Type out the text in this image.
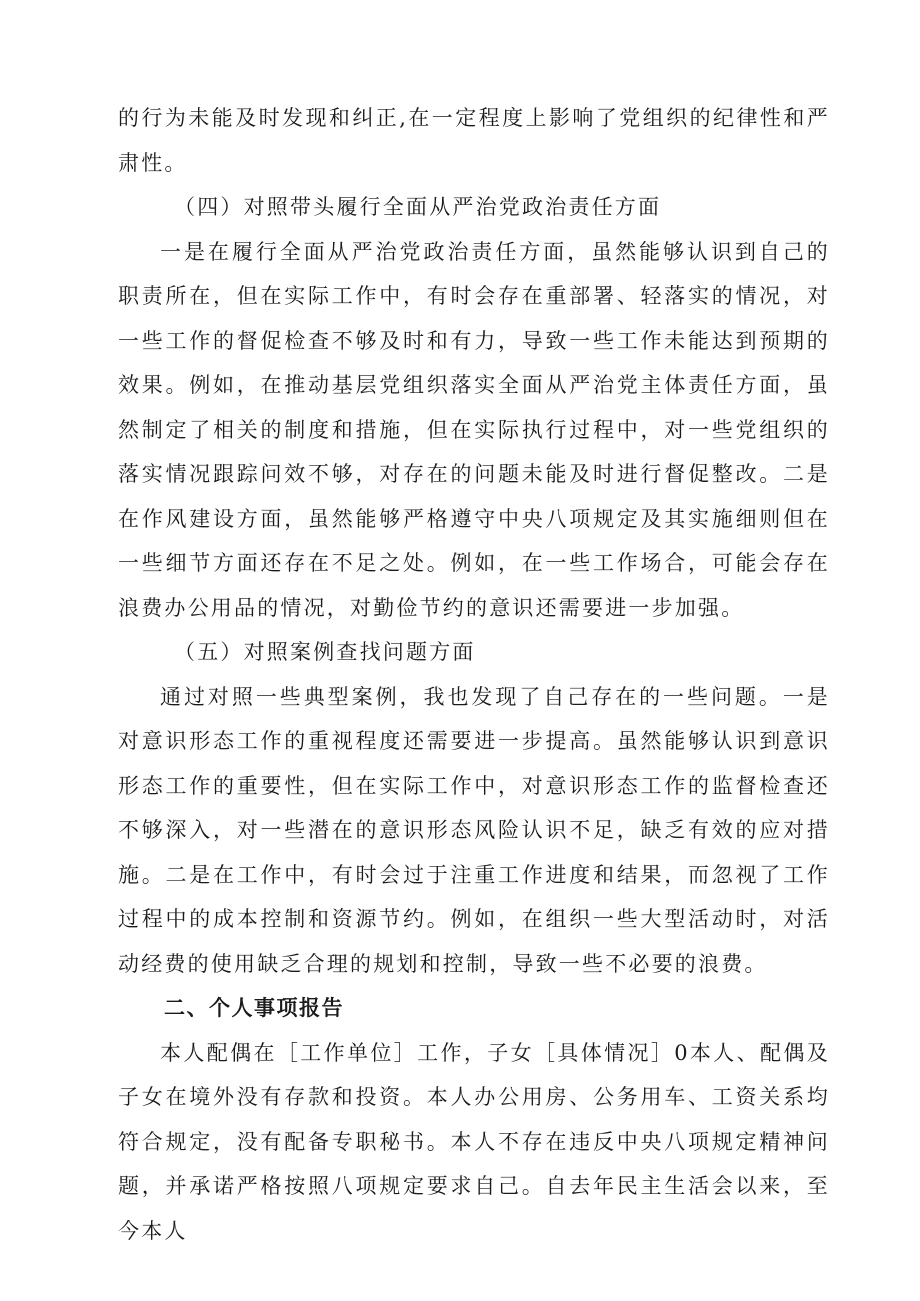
的行为未能及时发现和纠正,在一定程度上影响了党组织的纪律性和严肃性。

（四）对照带头履行全面从严治党政治责任方面

一是在履行全面从严治党政治责任方面，虽然能够认识到自己的职责所在，但在实际工作中，有时会存在重部署、轻落实的情况，对一些工作的督促检查不够及时和有力，导致一些工作未能达到预期的效果。例如，在推动基层党组织落实全面从严治党主体责任方面，虽然制定了相关的制度和措施，但在实际执行过程中，对一些党组织的落实情况跟踪问效不够，对存在的问题未能及时进行督促整改。二是在作风建设方面，虽然能够严格遵守中央八项规定及其实施细则但在一些细节方面还存在不足之处。例如，在一些工作场合，可能会存在浪费办公用品的情况，对勤俭节约的意识还需要进一步加强。

（五）对照案例查找问题方面

通过对照一些典型案例，我也发现了自己存在的一些问题。一是对意识形态工作的重视程度还需要进一步提高。虽然能够认识到意识形态工作的重要性，但在实际工作中，对意识形态工作的监督检查还不够深入，对一些潜在的意识形态风险认识不足，缺乏有效的应对措施。二是在工作中，有时会过于注重工作进度和结果，而忽视了工作过程中的成本控制和资源节约。例如，在组织一些大型活动时，对活动经费的使用缺乏合理的规划和控制，导致一些不必要的浪费。

二、个人事项报告

本人配偶在［工作单位］工作，子女［具体情况］0本人、配偶及子女在境外没有存款和投资。本人办公用房、公务用车、工资关系均符合规定，没有配备专职秘书。本人不存在违反中央八项规定精神问题，并承诺严格按照八项规定要求自己。自去年民主生活会以来，至今本人
